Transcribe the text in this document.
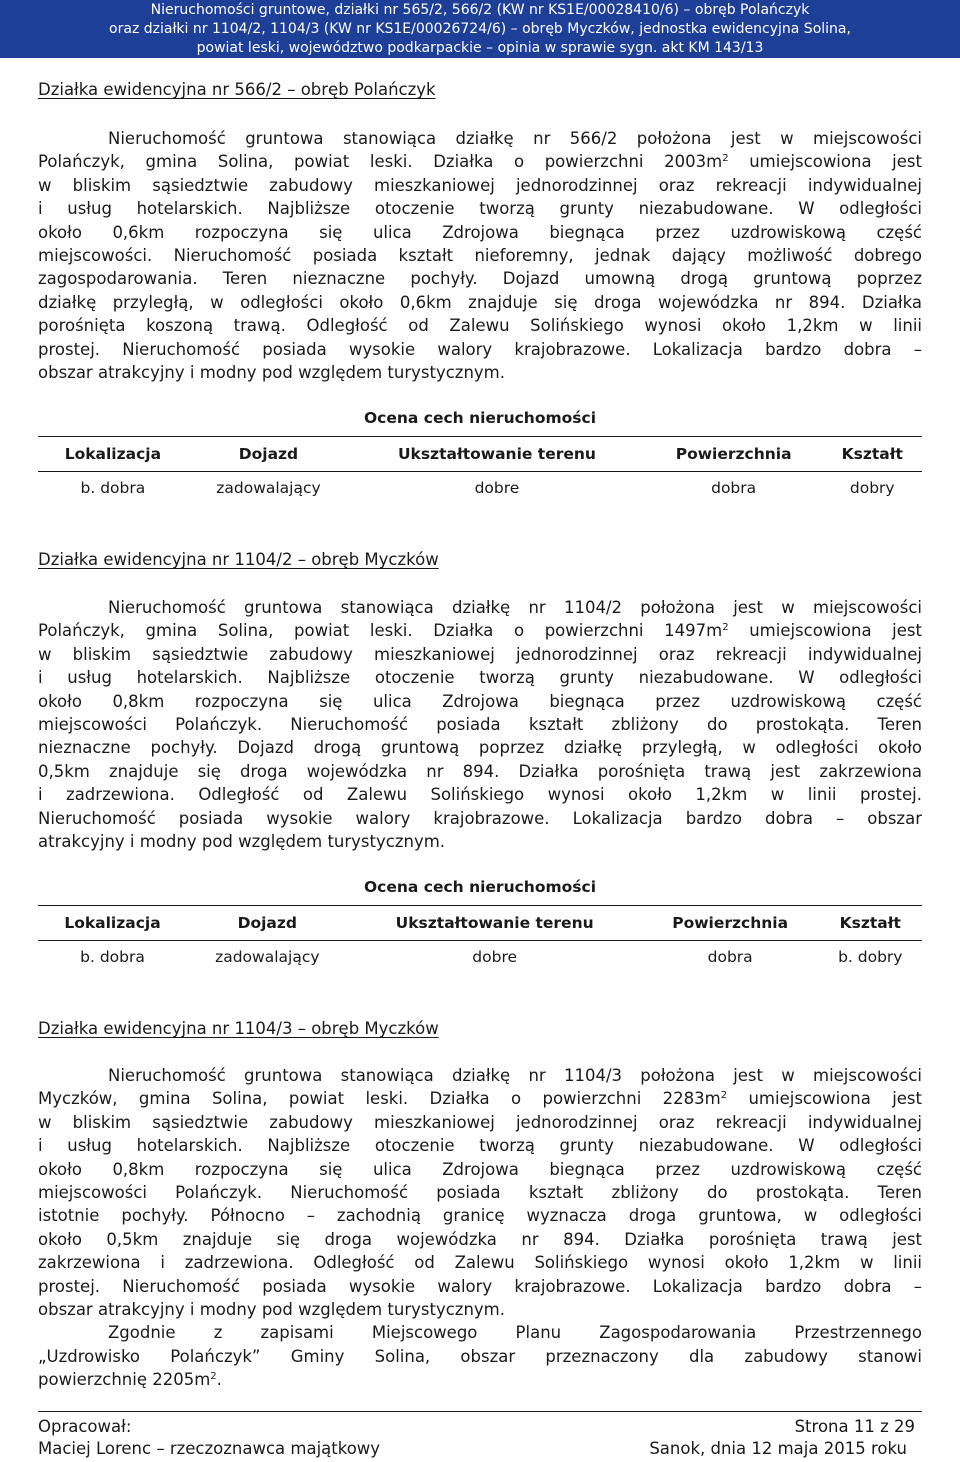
Nieruchomości gruntowe, działki nr 565/2, 566/2 (KW nr KS1E/00028410/6) – obręb Polańczyk
oraz działki nr 1104/2, 1104/3 (KW nr KS1E/00026724/6) – obręb Myczków, jednostka ewidencyjna Solina,
powiat leski, województwo podkarpackie – opinia w sprawie sygn. akt KM 143/13
Działka ewidencyjna nr 566/2 – obręb Polańczyk
Nieruchomość gruntowa stanowiąca działkę nr 566/2 położona jest w miejscowości
Polańczyk, gmina Solina, powiat leski. Działka o powierzchni $2003m^2$ umiejscowiona jest
w bliskim sąsiedztwie zabudowy mieszkaniowej jednorodzinnej oraz rekreacji indywidualnej
i usług hotelarskich. Najbliższe otoczenie tworzą grunty niezabudowane. W odległości
około 0,6km rozpoczyna się ulica Zdrojowa biegnąca przez uzdrowiskową część
miejscowości. Nieruchomość posiada kształt nieforemny, jednak dający możliwość dobrego
zagospodarowania. Teren nieznaczne pochyły. Dojazd umowną drogą gruntową poprzez
działkę przyległą, w odległości około 0,6km znajduje się droga wojewódzka nr 894. Działka
porośnięta koszoną trawą. Odległość od Zalewu Solińskiego wynosi około 1,2km w linii
prostej. Nieruchomość posiada wysokie walory krajobrazowe. Lokalizacja bardzo dobra –
obszar atrakcyjny i modny pod względem turystycznym.
Ocena cech nieruchomości				
Lokalizacja	Dojazd	Ukształtowanie terenu	Powierzchnia	Kształt
b. dobra	zadowalający	dobre	dobra	dobry
Działka ewidencyjna nr 1104/2 – obręb Myczków
Nieruchomość gruntowa stanowiąca działkę nr 1104/2 położona jest w miejscowości
Polańczyk, gmina Solina, powiat leski. Działka o powierzchni $1497m^2$ umiejscowiona jest
w bliskim sąsiedztwie zabudowy mieszkaniowej jednorodzinnej oraz rekreacji indywidualnej
i usług hotelarskich. Najbliższe otoczenie tworzą grunty niezabudowane. W odległości
około 0,8km rozpoczyna się ulica Zdrojowa biegnąca przez uzdrowiskową część
miejscowości Polańczyk. Nieruchomość posiada kształt zbliżony do prostokąta. Teren
nieznaczne pochyły. Dojazd drogą gruntową poprzez działkę przyległą, w odległości około
0,5km znajduje się droga wojewódzka nr 894. Działka porośnięta trawą jest zakrzewiona
i zadrzewiona. Odległość od Zalewu Solińskiego wynosi około 1,2km w linii prostej.
Nieruchomość posiada wysokie walory krajobrazowe. Lokalizacja bardzo dobra – obszar
atrakcyjny i modny pod względem turystycznym.
Ocena cech nieruchomości				
Lokalizacja	Dojazd	Ukształtowanie terenu	Powierzchnia	Kształt
b. dobra	zadowalający	dobre	dobra	b. dobry
Działka ewidencyjna nr 1104/3 – obręb Myczków
Nieruchomość gruntowa stanowiąca działkę nr 1104/3 położona jest w miejscowości
Myczków, gmina Solina, powiat leski. Działka o powierzchni $2283m^2$ umiejscowiona jest
w bliskim sąsiedztwie zabudowy mieszkaniowej jednorodzinnej oraz rekreacji indywidualnej
i usług hotelarskich. Najbliższe otoczenie tworzą grunty niezabudowane. W odległości
około 0,8km rozpoczyna się ulica Zdrojowa biegnąca przez uzdrowiskową część
miejscowości Polańczyk. Nieruchomość posiada kształt zbliżony do prostokąta. Teren
istotnie pochyły. Północno – zachodnią granicę wyznacza droga gruntowa, w odległości
około 0,5km znajduje się droga wojewódzka nr 894. Działka porośnięta trawą jest
zakrzewiona i zadrzewiona. Odległość od Zalewu Solińskiego wynosi około 1,2km w linii
prostej. Nieruchomość posiada wysokie walory krajobrazowe. Lokalizacja bardzo dobra –
obszar atrakcyjny i modny pod względem turystycznym.
Zgodnie z zapisami Miejscowego Planu Zagospodarowania Przestrzennego
„Uzdrowisko Polańczyk” Gminy Solina, obszar przeznaczony dla zabudowy stanowi
powierzchnię $2205m^2$.
Opracował:
Maciej Lorenc – rzeczoznawca majątkowy
Strona 11 z 29
Sanok, dnia 12 maja 2015 roku
